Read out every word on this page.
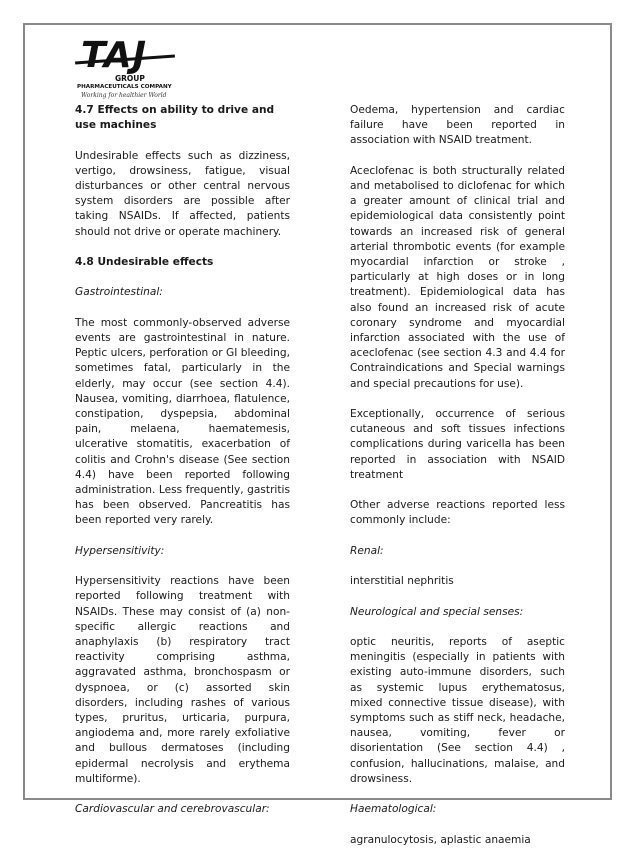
TAJ
GROUP
PHARMACEUTICALS COMPANY
Working for healthier World

4.7 Effects on ability to drive and use machines

Undesirable effects such as dizziness, vertigo, drowsiness, fatigue, visual disturbances or other central nervous system disorders are possible after taking NSAIDs. If affected, patients should not drive or operate machinery.

4.8 Undesirable effects

Gastrointestinal:

The most commonly-observed adverse events are gastrointestinal in nature. Peptic ulcers, perforation or GI bleeding, sometimes fatal, particularly in the elderly, may occur (see section 4.4). Nausea, vomiting, diarrhoea, flatulence, constipation, dyspepsia, abdominal pain, melaena, haematemesis, ulcerative stomatitis, exacerbation of colitis and Crohn's disease (See section 4.4) have been reported following administration. Less frequently, gastritis has been observed. Pancreatitis has been reported very rarely.

Hypersensitivity:

Hypersensitivity reactions have been reported following treatment with NSAIDs. These may consist of (a) non-specific allergic reactions and anaphylaxis (b) respiratory tract reactivity comprising asthma, aggravated asthma, bronchospasm or dyspnoea, or (c) assorted skin disorders, including rashes of various types, pruritus, urticaria, purpura, angiodema and, more rarely exfoliative and bullous dermatoses (including epidermal necrolysis and erythema multiforme).

Cardiovascular and cerebrovascular:

Oedema, hypertension and cardiac failure have been reported in association with NSAID treatment.

Aceclofenac is both structurally related and metabolised to diclofenac for which a greater amount of clinical trial and epidemiological data consistently point towards an increased risk of general arterial thrombotic events (for example myocardial infarction or stroke , particularly at high doses or in long treatment). Epidemiological data has also found an increased risk of acute coronary syndrome and myocardial infarction associated with the use of aceclofenac (see section 4.3 and 4.4 for Contraindications and Special warnings and special precautions for use).

Exceptionally, occurrence of serious cutaneous and soft tissues infections complications during varicella has been reported in association with NSAID treatment

Other adverse reactions reported less commonly include:

Renal:

interstitial nephritis

Neurological and special senses:

optic neuritis, reports of aseptic meningitis (especially in patients with existing auto-immune disorders, such as systemic lupus erythematosus, mixed connective tissue disease), with symptoms such as stiff neck, headache, nausea, vomiting, fever or disorientation (See section 4.4) , confusion, hallucinations, malaise, and drowsiness.

Haematological:

agranulocytosis, aplastic anaemia
